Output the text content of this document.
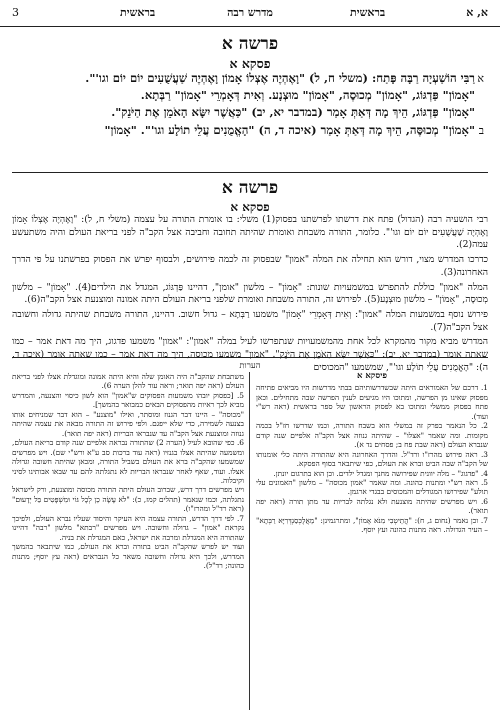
3	מדרש רבה	א, א
בראשית	בראשית
פרשה א
פסקא א
א
ב

רַבִּי הוֹשַׁעְיָה רַבָּה פָּתַח: (משלי ח, ל) "וָאֶהְיֶה אֶצְלוֹ אָמוֹן וָאֶהְיֶה שַׁעֲשֻׁעִים יוֹם יוֹם וגו'".

"אָמוֹן" פַּדְגּוֹג, "אָמוֹן" מְכוּסֶה, "אָמוֹן" מוּצְנָע. וְאִית דְּאָמְרֵי "אָמוֹן" רַבְּתָא.

"אָמוֹן" פַּדְגּוֹג, הֵיךְ מָה דְּאַתְּ אָמַר (במדבר יא, יב) "כַּאֲשֶׁר יִשָּׂא הָאֹמֵן אֶת הַיֹּנֵק".

"אָמוֹן" מְכוּסֶּה, הֵיךְ מָה דְּאַתְּ אָמַר (איכה ד, ה) "הָאֱמֻנִים עֲלֵי תוֹלָע וגו'". "אָמוֹן"

פרשה א
פסקא א

רבי הושעיה רבה (הגדול) פתח את דרשתו לפרשתנו בפסוק(1) משלי: בו אומרת התורה על עצמה (משלי ח, ל): "וָאֶהְיֶה אֶצְלוֹ אָמוֹן וָאֶהְיֶה שַׁעֲשֻׁעִים יוֹם יוֹם וגו'". כלומר, התורה משבחת ואומרת שהיתה תחובה וחביבה אצל הקב"ה לפני בריאת העולם והיה משתעשע עמה(2).

כדרכו המדרש מצוי, דורש הוא תחילה את המלה "אמון" שבפסוק זה לכמה פירושים, ולבסוף יפרש את הפסוק בפרשתנו על פי הדרך האחרונה(3).

המלה "אמון" כוללת להתפרש במשמעויות שונות: "אָמוֹן" – מלשון "אומן", דהיינו פַּדְגּוֹג, המגדל את הילדים(4). "אָמוֹן" – מלשון מְכוּסֶה, "אָמוֹן" – מלשון מוּצְנָע(5). לפירוש זה, התורה משבחת ואומרת שלפני בריאת העולם היתה אמונה ומוצנעת אצל הקב"ה(6).

פירוש נוסף במשמעות המלה "אמון": וְאִית דְּאָמְרֵי "אָמוֹן" משמעו רַבְּתָא – גדול חשוב. דהיינו, התורה משבחת שהיתה גדולה וחשובה אצל הקב"ה(7).

המדרש מביא מקור מהמקרא לכל אחת מהמשמעויות שנתפרשו לעיל במלה "אמון": "אמון" משמעו פדגוג, היך מה דאת אמר – כמו שאתה אומר (במדבר יא, יב): "כַּאֲשֶׁר יִשָּׂא הָאֹמֵן אֶת הַיֹּנֵק". "אמון" משמעו מכוסה, היך מה דאת אמר – כמו שאתה אומר (איכה ד, ה): "הָאֱמֻנִים עֲלֵי תוֹלָע וגו'", שמשמעו "המכוסים

הערות
פיסקא א

1. דרכם של האמוראים היתה שבשדרשותיהם בבתי מדרשות היו מביאים פתיחה מפסוק שאינו מן הפרשה, ומתוכו היו מגיעים לענין הפרשה שבה מתחילים. וכאן פתח בפסוק ממשלי ומתוכו בא לפסוק הראשון של ספר בראשית (ראה רש"י ועוד).

2. כל הנאמר בפרק זה במשלי הוא בשבח התורה, וכמו שדרשו חז"ל בכמה מקומות. ומה שאמר "אצלו" – שהיתה גנוזה אצל הקב"ה אלפיים שנה קודם שנברא העולם (ראה שבת פח ב; פסחים נד א).

3. ראה פירוש מהרז"ו ורד"ל. והדרך האחרונה היא שהתורה היתה כלי אומנותו של הקב"ה שבה הביט וברא את העולם, כפי שיתבאר בסוף הפסקא.

4. "פדגוג" – מלה יוונית שפירושה מחנך ומגדל ילדים. וכן הוא בתרגום יונתן.

5. ראה רש"י ומתנות כהונה. ומה שאמר "אמון מכוסה" – מלשון "האמונים עלי תולע" שפירושו המגודלים והמכוסים בבגדי ארגמן.

6. ויש מפרשים שהיתה מוצנעת ולא נגלתה לבריות עד מתן תורה (ראה יפה תואר).

7. וכן נאמר (נחום ג, ח): "הֲתֵיטְבִי מִנֹּא אָמוֹן", ומתרגמינן: "מֵאֲלֶכְּסַנְדְּרִיָּא רַבְּתָא" – העיר הגדולה. ראה מתנות כהונה ועץ יוסף.

משתבחת שהקב"ה היה האומן שלה והיא היתה אמונה ומוגדלת אצלו לפני בריאת העולם (ראה יפה תואר; וראה עוד להלן הערה 6).

5. [כפסוק יובהו משמעות הפסוקים ש"אמון" הוא לשון כיסוי והצנעה, והמדרש מביא לכך ראיות מהפסוקים הבאים כמבואר בהמשך].

"מכוסה" – היינו דבר הגנוז ומוסתר, ואילו "מוצנע" – הוא דבר שמניחים אותו בצנעה לשמירה, כדי שלא ייפגם. ולפי פירוש זה התורה מבאה את עצמה שהיתה גנוזה ומוצנעת אצל הקב"ה עד שנבראו הבריות (ראה יפה תואר).

6. כפי שהובא לעיל (הערה 2) שהתורה נבראה אלפיים שנה קודם בריאת העולם, ומשמעה שהיתה אצלו בגנזיו (ראה עוד ברכות סב ע"א ורש"י שם). ויש מפרשים שמשמעו שהקב"ה ברא את העולם בשביל התורה, ומכאן שהיתה חשובה וגדולה אצלו. ועוד, שאף לאחר שנבראו הבריות לא נתגלתה להם עד שבאו אבותינו לסיני וקיבלוה.

ויש מפרשים דרך דרש, שברוב העולם היתה התורה מכוסה ומוצנעת, ורק לישראל נתגלתה, וכמו שנאמר (תהלים קמז, כ): "לֹא עָשָׂה כֵן לְכָל גּוֹי וּמִשְׁפָּטִים בַּל יְדָעוּם" (ראה רד"ל ומהרז"ו).

7. לפי דרך הדרש, התורה עצמה היא העיקר והיסוד שעליו נברא העולם, ולפיכך נקראת "אמון" – גדולה וחשובה. ויש מפרשים "רבתא" מלשון "רבה" דהיינו שהתורה היא המגדלת ומרבה את ישראל, כאם המגדלת את בניה.

ועוד יש לפרש שהקב"ה הביט בתורה וברא את העולם, כמו שיתבאר בהמשך המדרש, ולכך היא גדולה וחשובה משאר כל הנבראים (ראה עץ יוסף; מתנות כהונה; רד"ל).
